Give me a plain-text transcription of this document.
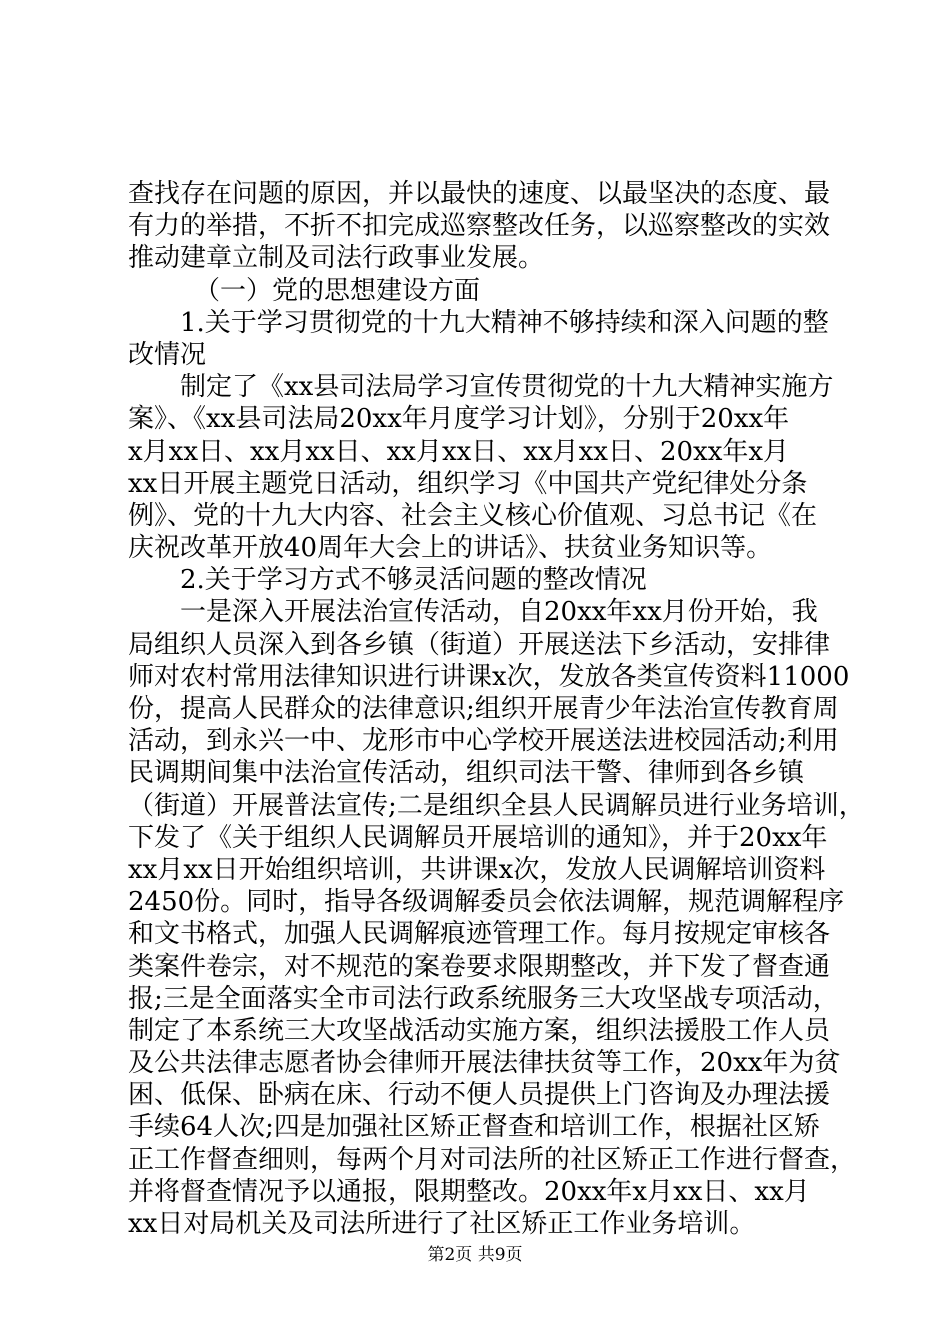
查找存在问题的原因，并以最快的速度、以最坚决的态度、最
有力的举措，不折不扣完成巡察整改任务，以巡察整改的实效
推动建章立制及司法行政事业发展。
（一）党的思想建设方面
1.关于学习贯彻党的十九大精神不够持续和深入问题的整
改情况
制定了《xx县司法局学习宣传贯彻党的十九大精神实施方
案》、《xx县司法局20xx年月度学习计划》，分别于20xx年
x月xx日、xx月xx日、xx月xx日、xx月xx日、20xx年x月
xx日开展主题党日活动，组织学习《中国共产党纪律处分条
例》、党的十九大内容、社会主义核心价值观、习总书记《在
庆祝改革开放40周年大会上的讲话》、扶贫业务知识等。
2.关于学习方式不够灵活问题的整改情况
一是深入开展法治宣传活动，自20xx年xx月份开始，我
局组织人员深入到各乡镇（街道）开展送法下乡活动，安排律
师对农村常用法律知识进行讲课x次，发放各类宣传资料11000
份，提高人民群众的法律意识;组织开展青少年法治宣传教育周
活动，到永兴一中、龙形市中心学校开展送法进校园活动;利用
民调期间集中法治宣传活动，组织司法干警、律师到各乡镇
（街道）开展普法宣传;二是组织全县人民调解员进行业务培训，
下发了《关于组织人民调解员开展培训的通知》，并于20xx年
xx月xx日开始组织培训，共讲课x次，发放人民调解培训资料
2450份。同时，指导各级调解委员会依法调解，规范调解程序
和文书格式，加强人民调解痕迹管理工作。每月按规定审核各
类案件卷宗，对不规范的案卷要求限期整改，并下发了督查通
报;三是全面落实全市司法行政系统服务三大攻坚战专项活动，
制定了本系统三大攻坚战活动实施方案，组织法援股工作人员
及公共法律志愿者协会律师开展法律扶贫等工作，20xx年为贫
困、低保、卧病在床、行动不便人员提供上门咨询及办理法援
手续64人次;四是加强社区矫正督查和培训工作，根据社区矫
正工作督查细则，每两个月对司法所的社区矫正工作进行督查，
并将督查情况予以通报，限期整改。20xx年x月xx日、xx月
xx日对局机关及司法所进行了社区矫正工作业务培训。
第2页 共9页
